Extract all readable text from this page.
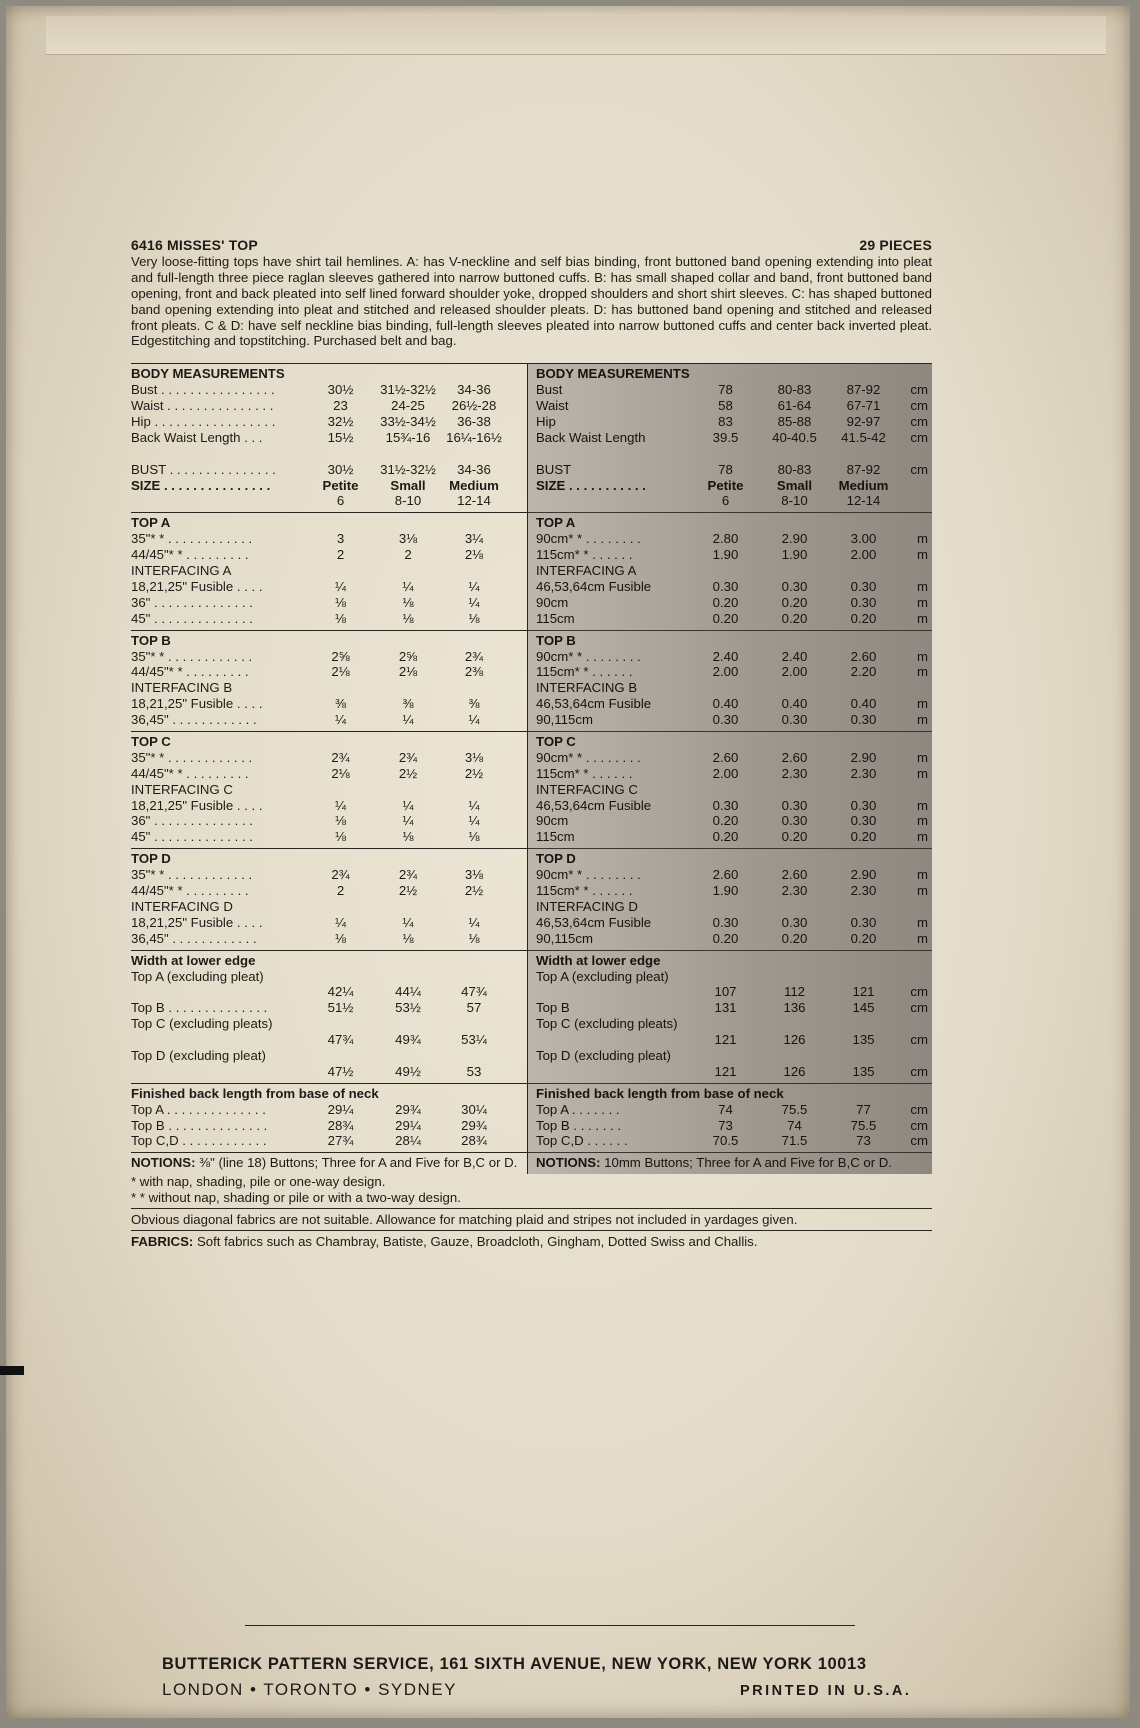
6416 MISSES' TOP	29 PIECES

Very loose-fitting tops have shirt tail hemlines. A: has V-neckline and self bias binding, front buttoned band opening extending into pleat and full-length three piece raglan sleeves gathered into narrow buttoned cuffs. B: has small shaped collar and band, front buttoned band opening, front and back pleated into self lined forward shoulder yoke, dropped shoulders and short shirt sleeves. C: has shaped buttoned band opening extending into pleat and stitched and released shoulder pleats. D: has buttoned band opening and stitched and released front pleats. C & D: have self neckline bias binding, full-length sleeves pleated into narrow buttoned cuffs and center back inverted pleat. Edgestitching and topstitching. Purchased belt and bag.

BODY MEASUREMENTS
Bust . . . . . . . . . . . . . . . .	30½	31½-32½	34-36
Waist . . . . . . . . . . . . . . .	23	24-25	26½-28
Hip . . . . . . . . . . . . . . . . .	32½	33½-34½	36-38
Back Waist Length . . .	15½	15¾-16	16¼-16½
BUST . . . . . . . . . . . . . . .	30½	31½-32½	34-36
SIZE . . . . . . . . . . . . . . .	Petite	Small	Medium
6	8-10	12-14
TOP A
35"* * . . . . . . . . . . . .	3	3⅛	3¼
44/45"* * . . . . . . . . .	2	2	2⅛
INTERFACING A
18,21,25" Fusible . . . .	¼	¼	¼
36" . . . . . . . . . . . . . .	⅛	⅛	¼
45" . . . . . . . . . . . . . .	⅛	⅛	⅛
TOP B
35"* * . . . . . . . . . . . .	2⅝	2⅝	2¾
44/45"* * . . . . . . . . .	2⅛	2⅛	2⅜
INTERFACING B
18,21,25" Fusible . . . .	⅜	⅜	⅜
36,45" . . . . . . . . . . . .	¼	¼	¼
TOP C
35"* * . . . . . . . . . . . .	2¾	2¾	3⅛
44/45"* * . . . . . . . . .	2⅛	2½	2½
INTERFACING C
18,21,25" Fusible . . . .	¼	¼	¼
36" . . . . . . . . . . . . . .	⅛	¼	¼
45" . . . . . . . . . . . . . .	⅛	⅛	⅛
TOP D
35"* * . . . . . . . . . . . .	2¾	2¾	3⅛
44/45"* * . . . . . . . . .	2	2½	2½
INTERFACING D
18,21,25" Fusible . . . .	¼	¼	¼
36,45" . . . . . . . . . . . .	⅛	⅛	⅛
Width at lower edge
Top A (excluding pleat)
42¼	44¼	47¾
Top B . . . . . . . . . . . . . .	51½	53½	57
Top C (excluding pleats)
47¾	49¾	53¼
Top D (excluding pleat)
47½	49½	53
Finished back length from base of neck
Top A . . . . . . . . . . . . . .	29¼	29¾	30¼
Top B . . . . . . . . . . . . . .	28¾	29¼	29¾
Top C,D . . . . . . . . . . . .	27¾	28¼	28¾
NOTIONS: ⅜" (line 18) Buttons; Three for A and Five for B,C or D.
BODY MEASUREMENTS
Bust	78	80-83	87-92	cm
Waist	58	61-64	67-71	cm
Hip	83	85-88	92-97	cm
Back Waist Length	39.5	40-40.5	41.5-42	cm
BUST	78	80-83	87-92	cm
SIZE . . . . . . . . . . .	Petite	Small	Medium
6	8-10	12-14
TOP A
90cm* * . . . . . . . .	2.80	2.90	3.00	m
115cm* * . . . . . .	1.90	1.90	2.00	m
INTERFACING A
46,53,64cm Fusible	0.30	0.30	0.30	m
90cm	0.20	0.20	0.30	m
115cm	0.20	0.20	0.20	m
TOP B
90cm* * . . . . . . . .	2.40	2.40	2.60	m
115cm* * . . . . . .	2.00	2.00	2.20	m
INTERFACING B
46,53,64cm Fusible	0.40	0.40	0.40	m
90,115cm	0.30	0.30	0.30	m
TOP C
90cm* * . . . . . . . .	2.60	2.60	2.90	m
115cm* * . . . . . .	2.00	2.30	2.30	m
INTERFACING C
46,53,64cm Fusible	0.30	0.30	0.30	m
90cm	0.20	0.30	0.30	m
115cm	0.20	0.20	0.20	m
TOP D
90cm* * . . . . . . . .	2.60	2.60	2.90	m
115cm* * . . . . . .	1.90	2.30	2.30	m
INTERFACING D
46,53,64cm Fusible	0.30	0.30	0.30	m
90,115cm	0.20	0.20	0.20	m
Width at lower edge
Top A (excluding pleat)
107	112	121	cm
Top B	131	136	145	cm
Top C (excluding pleats)
121	126	135	cm
Top D (excluding pleat)
121	126	135	cm
Finished back length from base of neck
Top A . . . . . . .	74	75.5	77	cm
Top B . . . . . . .	73	74	75.5	cm
Top C,D . . . . . .	70.5	71.5	73	cm
NOTIONS: 10mm Buttons; Three for A and Five for B,C or D.
* with nap, shading, pile or one-way design.
* * without nap, shading or pile or with a two-way design.
Obvious diagonal fabrics are not suitable. Allowance for matching plaid and stripes not included in yardages given.
FABRICS: Soft fabrics such as Chambray, Batiste, Gauze, Broadcloth, Gingham, Dotted Swiss and Challis.
BUTTERICK PATTERN SERVICE, 161 SIXTH AVENUE, NEW YORK, NEW YORK 10013
LONDON • TORONTO • SYDNEY	PRINTED IN U.S.A.
